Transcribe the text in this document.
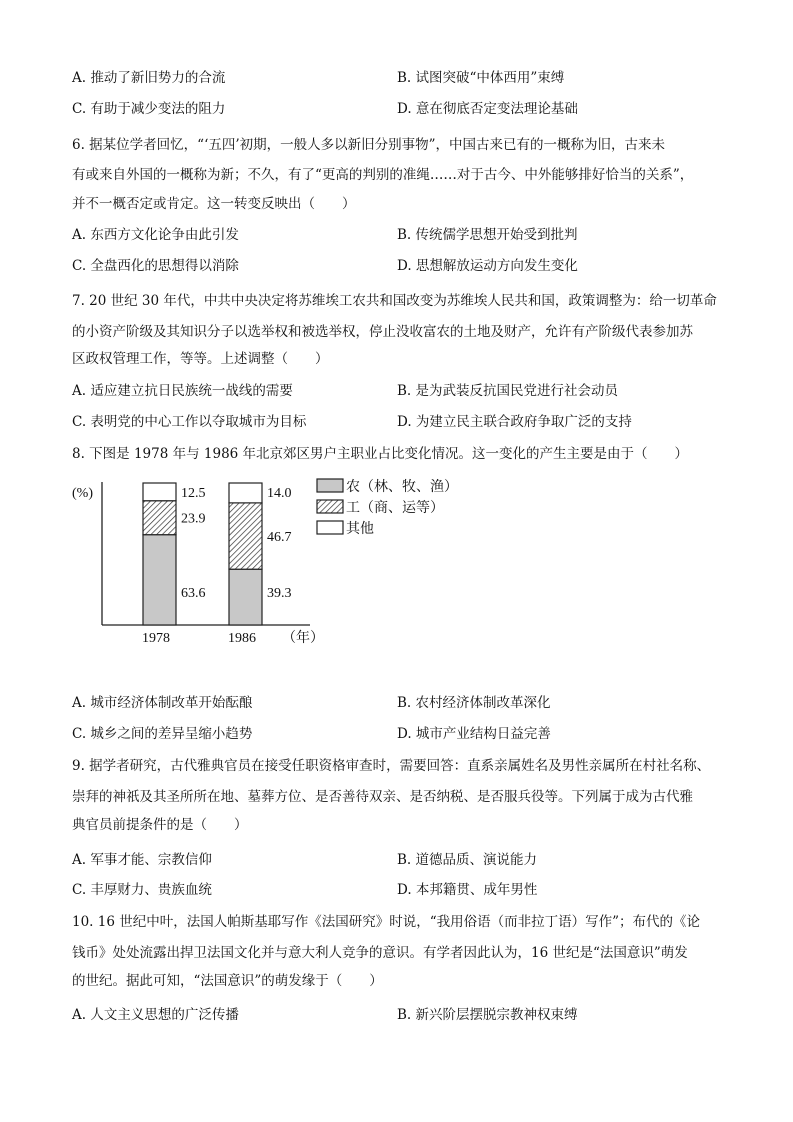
A. 推动了新旧势力的合流	B. 试图突破“中体西用”束缚
C. 有助于减少变法的阻力	D. 意在彻底否定变法理论基础
6. 据某位学者回忆，“‘五四’初期，一般人多以新旧分别事物”，中国古来已有的一概称为旧，古来未
有或来自外国的一概称为新；不久，有了“更高的判别的准绳……对于古今、中外能够排好恰当的关系”，
并不一概否定或肯定。这一转变反映出（　　）
A. 东西方文化论争由此引发	B. 传统儒学思想开始受到批判
C. 全盘西化的思想得以消除	D. 思想解放运动方向发生变化
7. 20 世纪 30 年代，中共中央决定将苏维埃工农共和国改变为苏维埃人民共和国，政策调整为：给一切革命
的小资产阶级及其知识分子以选举权和被选举权，停止没收富农的土地及财产，允许有产阶级代表参加苏
区政权管理工作，等等。上述调整（　　）
A. 适应建立抗日民族统一战线的需要	B. 是为武装反抗国民党进行社会动员
C. 表明党的中心工作以夺取城市为目标	D. 为建立民主联合政府争取广泛的支持
8. 下图是 1978 年与 1986 年北京郊区男户主职业占比变化情况。这一变化的产生主要是由于（　　）
(%)
（年）
63.6
23.9
12.5
1978
39.3
46.7
14.0
1986
农（林、牧、渔）
工（商、运等）
其他
A. 城市经济体制改革开始酝酿	B. 农村经济体制改革深化
C. 城乡之间的差异呈缩小趋势	D. 城市产业结构日益完善
9. 据学者研究，古代雅典官员在接受任职资格审查时，需要回答：直系亲属姓名及男性亲属所在村社名称、
崇拜的神祇及其圣所所在地、墓葬方位、是否善待双亲、是否纳税、是否服兵役等。下列属于成为古代雅
典官员前提条件的是（　　）
A. 军事才能、宗教信仰	B. 道德品质、演说能力
C. 丰厚财力、贵族血统	D. 本邦籍贯、成年男性
10. 16 世纪中叶，法国人帕斯基耶写作《法国研究》时说，“我用俗语（而非拉丁语）写作”；布代的《论
钱币》处处流露出捍卫法国文化并与意大利人竞争的意识。有学者因此认为，16 世纪是“法国意识”萌发
的世纪。据此可知，“法国意识”的萌发缘于（　　）
A. 人文主义思想的广泛传播	B. 新兴阶层摆脱宗教神权束缚
